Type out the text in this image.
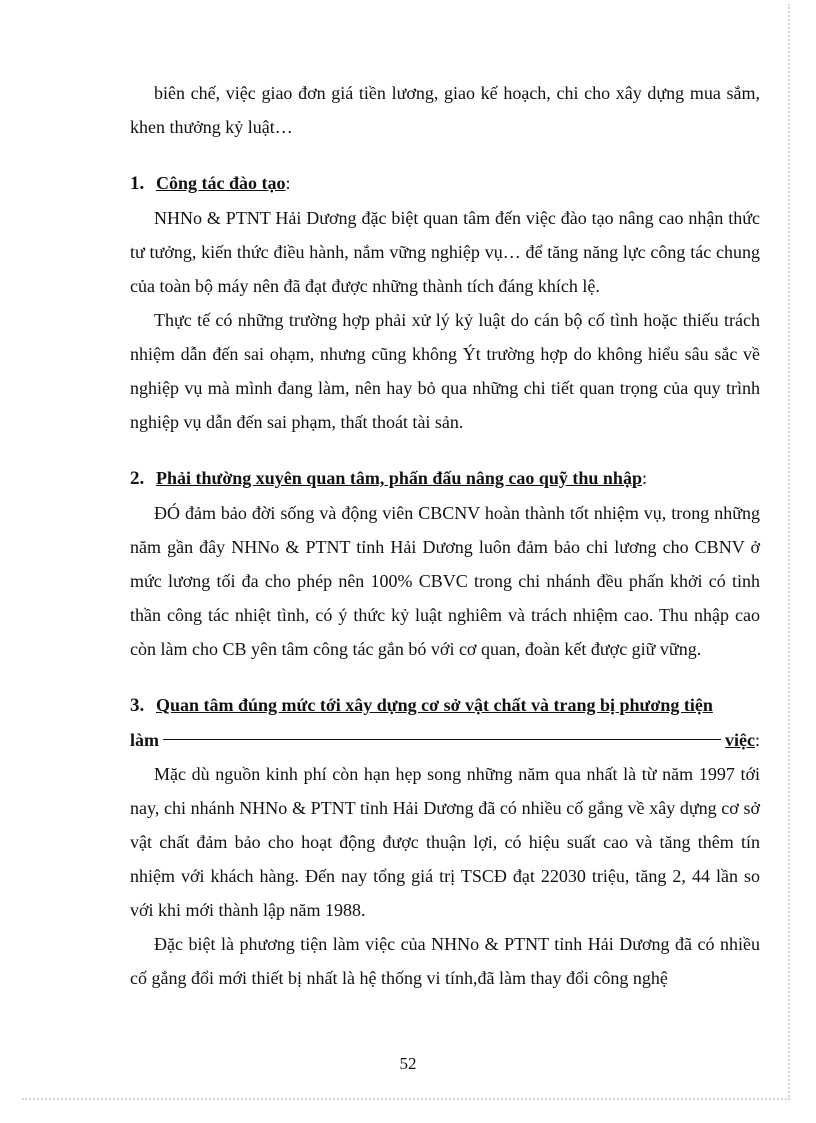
biên chế, việc giao đơn giá tiền lương, giao kế hoạch, chi cho xây dựng mua sắm, khen thưởng kỷ luật…

1. Công tác đào tạo :

NHNo & PTNT Hải Dương đặc biệt quan tâm đến việc đào tạo nâng cao nhận thức tư tưởng, kiến thức điều hành, nắm vững nghiệp vụ… để tăng năng lực công tác chung của toàn bộ máy nên đã đạt được những thành tích đáng khích lệ.

Thực tế có những trường hợp phải xử lý kỷ luật do cán bộ cố tình hoặc thiếu trách nhiệm dẫn đến sai ohạm, nhưng cũng không Ýt trường hợp do không hiểu sâu sắc về nghiệp vụ mà mình đang làm, nên hay bỏ qua những chi tiết quan trọng của quy trình nghiệp vụ dẫn đến sai phạm, thất thoát tài sản.

2. Phải thường xuyên quan tâm, phấn đấu nâng cao quỹ thu nhập :

ĐÓ đảm bảo đời sống và động viên CBCNV hoàn thành tốt nhiệm vụ, trong những năm gần đây NHNo & PTNT tỉnh Hải Dương luôn đảm bảo chi lương cho CBNV ở mức lương tối đa cho phép nên 100% CBVC trong chi nhánh đều phấn khởi có tinh thần công tác nhiệt tình, có ý thức kỷ luật nghiêm và trách nhiệm cao. Thu nhập cao còn làm cho CB yên tâm công tác gắn bó với cơ quan, đoàn kết được giữ vững.

3. Quan tâm đúng mức tới xây dựng cơ sở vật chất và trang bị phương tiện
làm	việc :

Mặc dù nguồn kinh phí còn hạn hẹp song những năm qua nhất là từ năm 1997 tới nay, chi nhánh NHNo & PTNT tỉnh Hải Dương đã có nhiều cố gắng về xây dựng cơ sở vật chất đảm bảo cho hoạt động được thuận lợi, có hiệu suất cao và tăng thêm tín nhiệm với khách hàng. Đến nay tổng giá trị TSCĐ đạt 22030 triệu, tăng 2, 44 lần so với khi mới thành lập năm 1988.

Đặc biệt là phương tiện làm việc của NHNo & PTNT tỉnh Hải Dương đã có nhiều cố gắng đổi mới thiết bị nhất là hệ thống vi tính,đã làm thay đổi công nghệ

52
